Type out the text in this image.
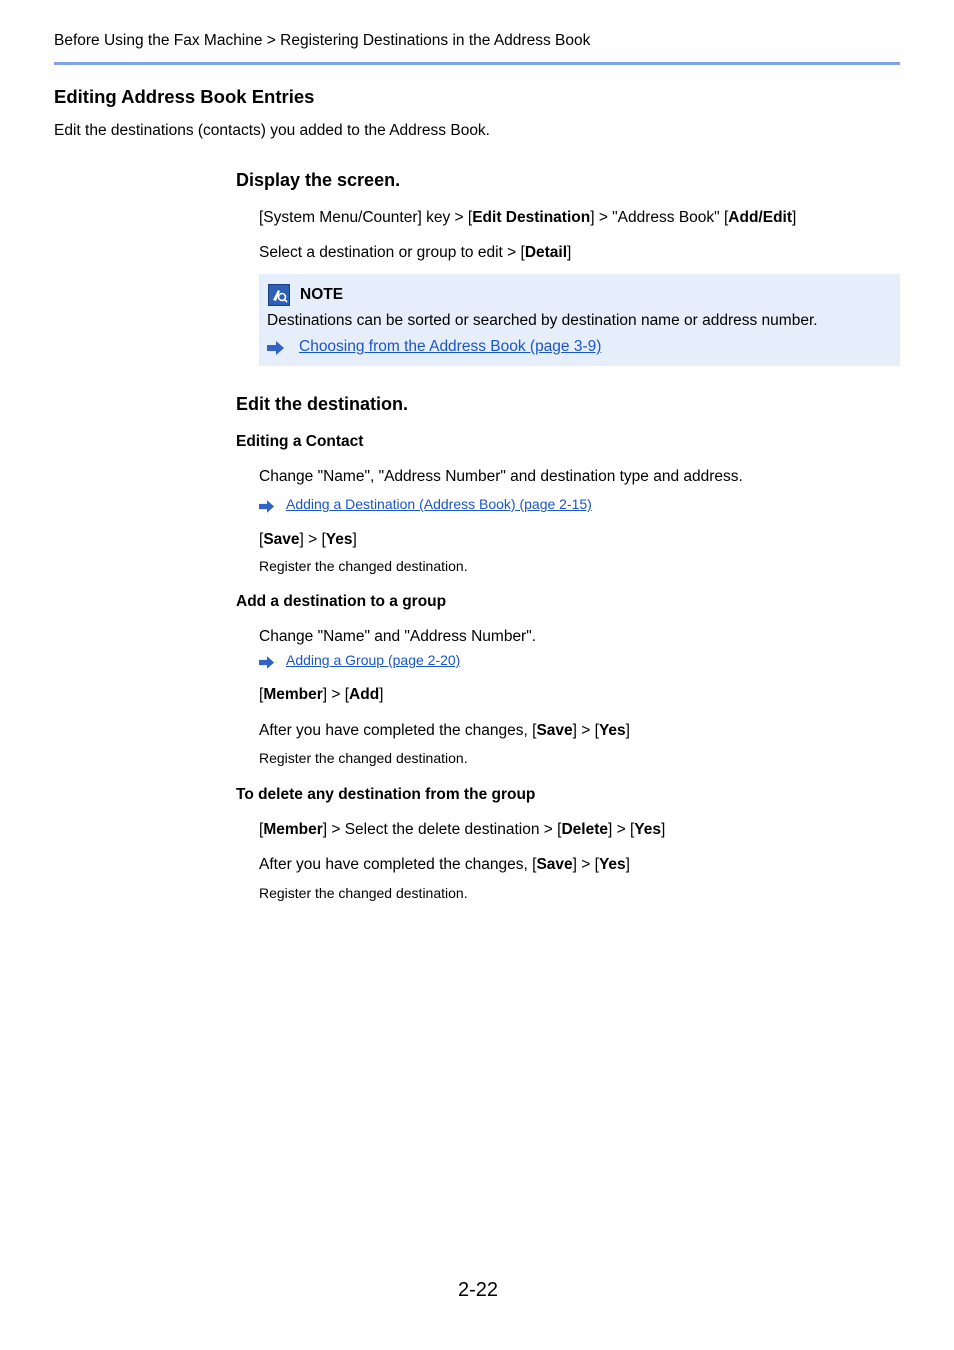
Before Using the Fax Machine > Registering Destinations in the Address Book
Editing Address Book Entries
Edit the destinations (contacts) you added to the Address Book.
Display the screen.
[System Menu/Counter] key > [Edit Destination] > "Address Book" [Add/Edit]
Select a destination or group to edit > [Detail]
NOTE
Destinations can be sorted or searched by destination name or address number.
Choosing from the Address Book (page 3-9)
Edit the destination.
Editing a Contact
Change "Name", "Address Number" and destination type and address.
Adding a Destination (Address Book) (page 2-15)
[Save] > [Yes]
Register the changed destination.
Add a destination to a group
Change "Name" and "Address Number".
Adding a Group (page 2-20)
[Member] > [Add]
After you have completed the changes, [Save] > [Yes]
Register the changed destination.
To delete any destination from the group
[Member] > Select the delete destination > [Delete] > [Yes]
After you have completed the changes, [Save] > [Yes]
Register the changed destination.
2-22
